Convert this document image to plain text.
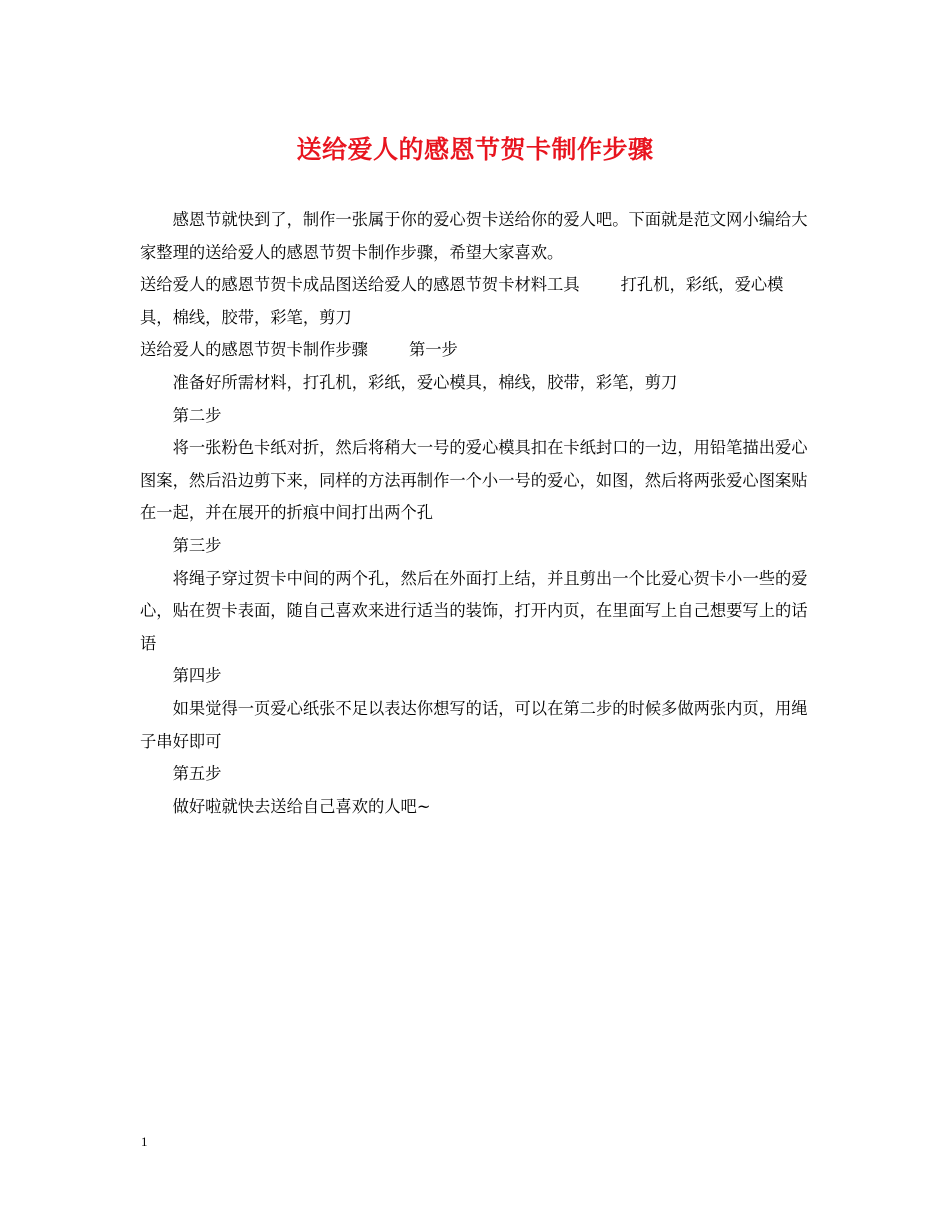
送给爱人的感恩节贺卡制作步骤

感恩节就快到了，制作一张属于你的爱心贺卡送给你的爱人吧。下面就是范文网小编给大家整理的送给爱人的感恩节贺卡制作步骤，希望大家喜欢。

送给爱人的感恩节贺卡成品图送给爱人的感恩节贺卡材料工具	打孔机，彩纸，爱心模具，棉线，胶带，彩笔，剪刀

送给爱人的感恩节贺卡制作步骤	第一步

准备好所需材料，打孔机，彩纸，爱心模具，棉线，胶带，彩笔，剪刀

第二步

将一张粉色卡纸对折，然后将稍大一号的爱心模具扣在卡纸封口的一边，用铅笔描出爱心图案，然后沿边剪下来，同样的方法再制作一个小一号的爱心，如图，然后将两张爱心图案贴在一起，并在展开的折痕中间打出两个孔

第三步

将绳子穿过贺卡中间的两个孔，然后在外面打上结，并且剪出一个比爱心贺卡小一些的爱心，贴在贺卡表面，随自己喜欢来进行适当的装饰，打开内页，在里面写上自己想要写上的话语

第四步

如果觉得一页爱心纸张不足以表达你想写的话，可以在第二步的时候多做两张内页，用绳子串好即可

第五步

做好啦就快去送给自己喜欢的人吧~

1
